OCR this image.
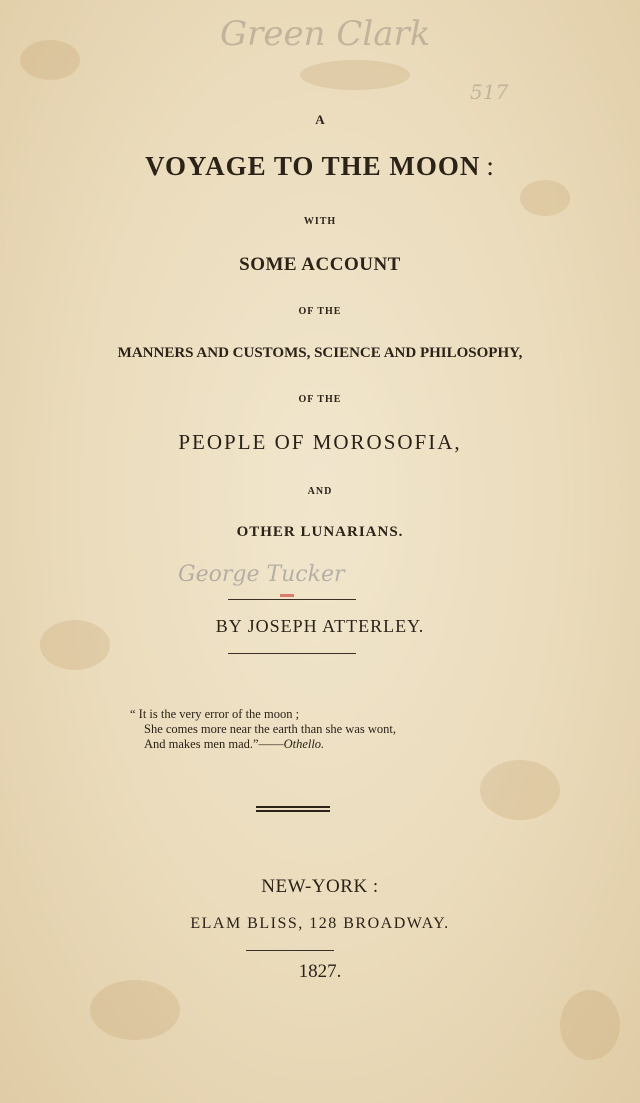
Green Clark
517
George Tucker
A
VOYAGE TO THE MOON :
WITH
SOME ACCOUNT
OF THE
MANNERS AND CUSTOMS, SCIENCE AND PHILOSOPHY,
OF THE
PEOPLE OF MOROSOFIA,
AND
OTHER LUNARIANS.
BY JOSEPH ATTERLEY.
“ It is the very error of the moon ;
She comes more near the earth than she was wont,
And makes men mad.”——Othello.
NEW-YORK :
ELAM BLISS, 128 BROADWAY.
1827.
